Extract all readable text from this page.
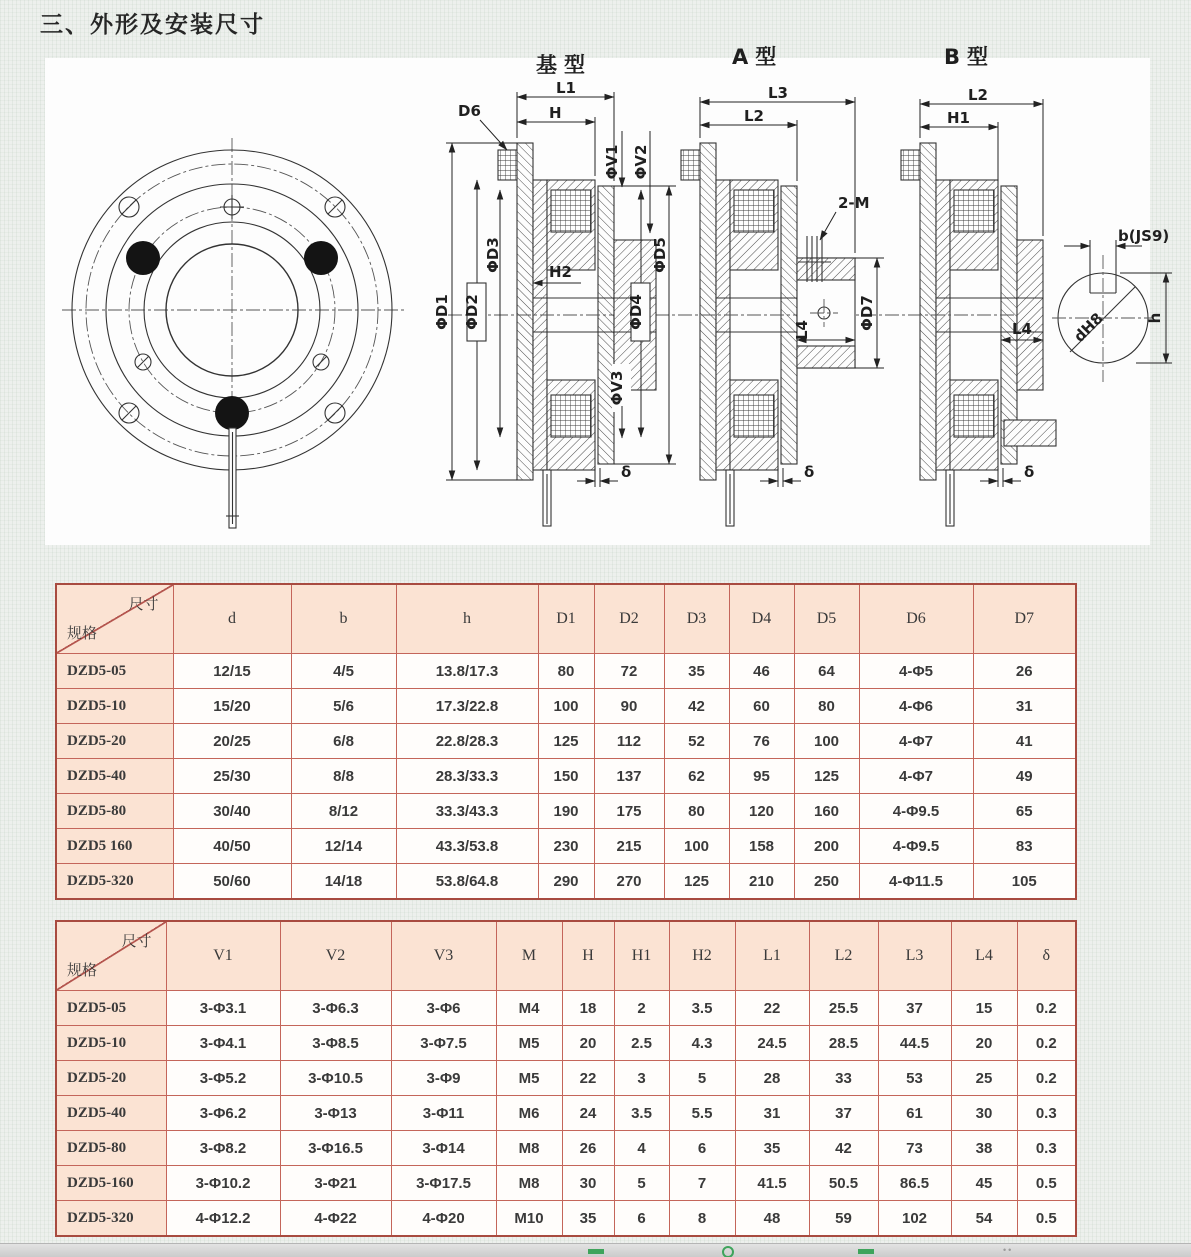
三、外形及安装尺寸
基型
L1
H
D6
ΦV1 ΦV2
H2
ΦD1 ΦD2
ΦD3
ΦD4
ΦD5
ΦV3
δ
A型
2-M
L3
L2
L4	ΦD7
δ
B型
L2
H1
L4
δ
b(JS9)
dH8	h
尺寸
规格	d	b	h	D1	D2	D3	D4	D5	D6	D7
DZD5-05	12/15	4/5	13.8/17.3	80	72	35	46	64	4-Φ5	26
DZD5-10	15/20	5/6	17.3/22.8	100	90	42	60	80	4-Φ6	31
DZD5-20	20/25	6/8	22.8/28.3	125	112	52	76	100	4-Φ7	41
DZD5-40	25/30	8/8	28.3/33.3	150	137	62	95	125	4-Φ7	49
DZD5-80	30/40	8/12	33.3/43.3	190	175	80	120	160	4-Φ9.5	65
DZD5 160	40/50	12/14	43.3/53.8	230	215	100	158	200	4-Φ9.5	83
DZD5-320	50/60	14/18	53.8/64.8	290	270	125	210	250	4-Φ11.5	105
尺寸
规格	V1	V2	V3	M	H	H1	H2	L1	L2	L3	L4	δ
DZD5-05	3-Φ3.1	3-Φ6.3	3-Φ6	M4	18	2	3.5	22	25.5	37	15	0.2
DZD5-10	3-Φ4.1	3-Φ8.5	3-Φ7.5	M5	20	2.5	4.3	24.5	28.5	44.5	20	0.2
DZD5-20	3-Φ5.2	3-Φ10.5	3-Φ9	M5	22	3	5	28	33	53	25	0.2
DZD5-40	3-Φ6.2	3-Φ13	3-Φ11	M6	24	3.5	5.5	31	37	61	30	0.3
DZD5-80	3-Φ8.2	3-Φ16.5	3-Φ14	M8	26	4	6	35	42	73	38	0.3
DZD5-160	3-Φ10.2	3-Φ21	3-Φ17.5	M8	30	5	7	41.5	50.5	86.5	45	0.5
DZD5-320	4-Φ12.2	4-Φ22	4-Φ20	M10	35	6	8	48	59	102	54	0.5
••
